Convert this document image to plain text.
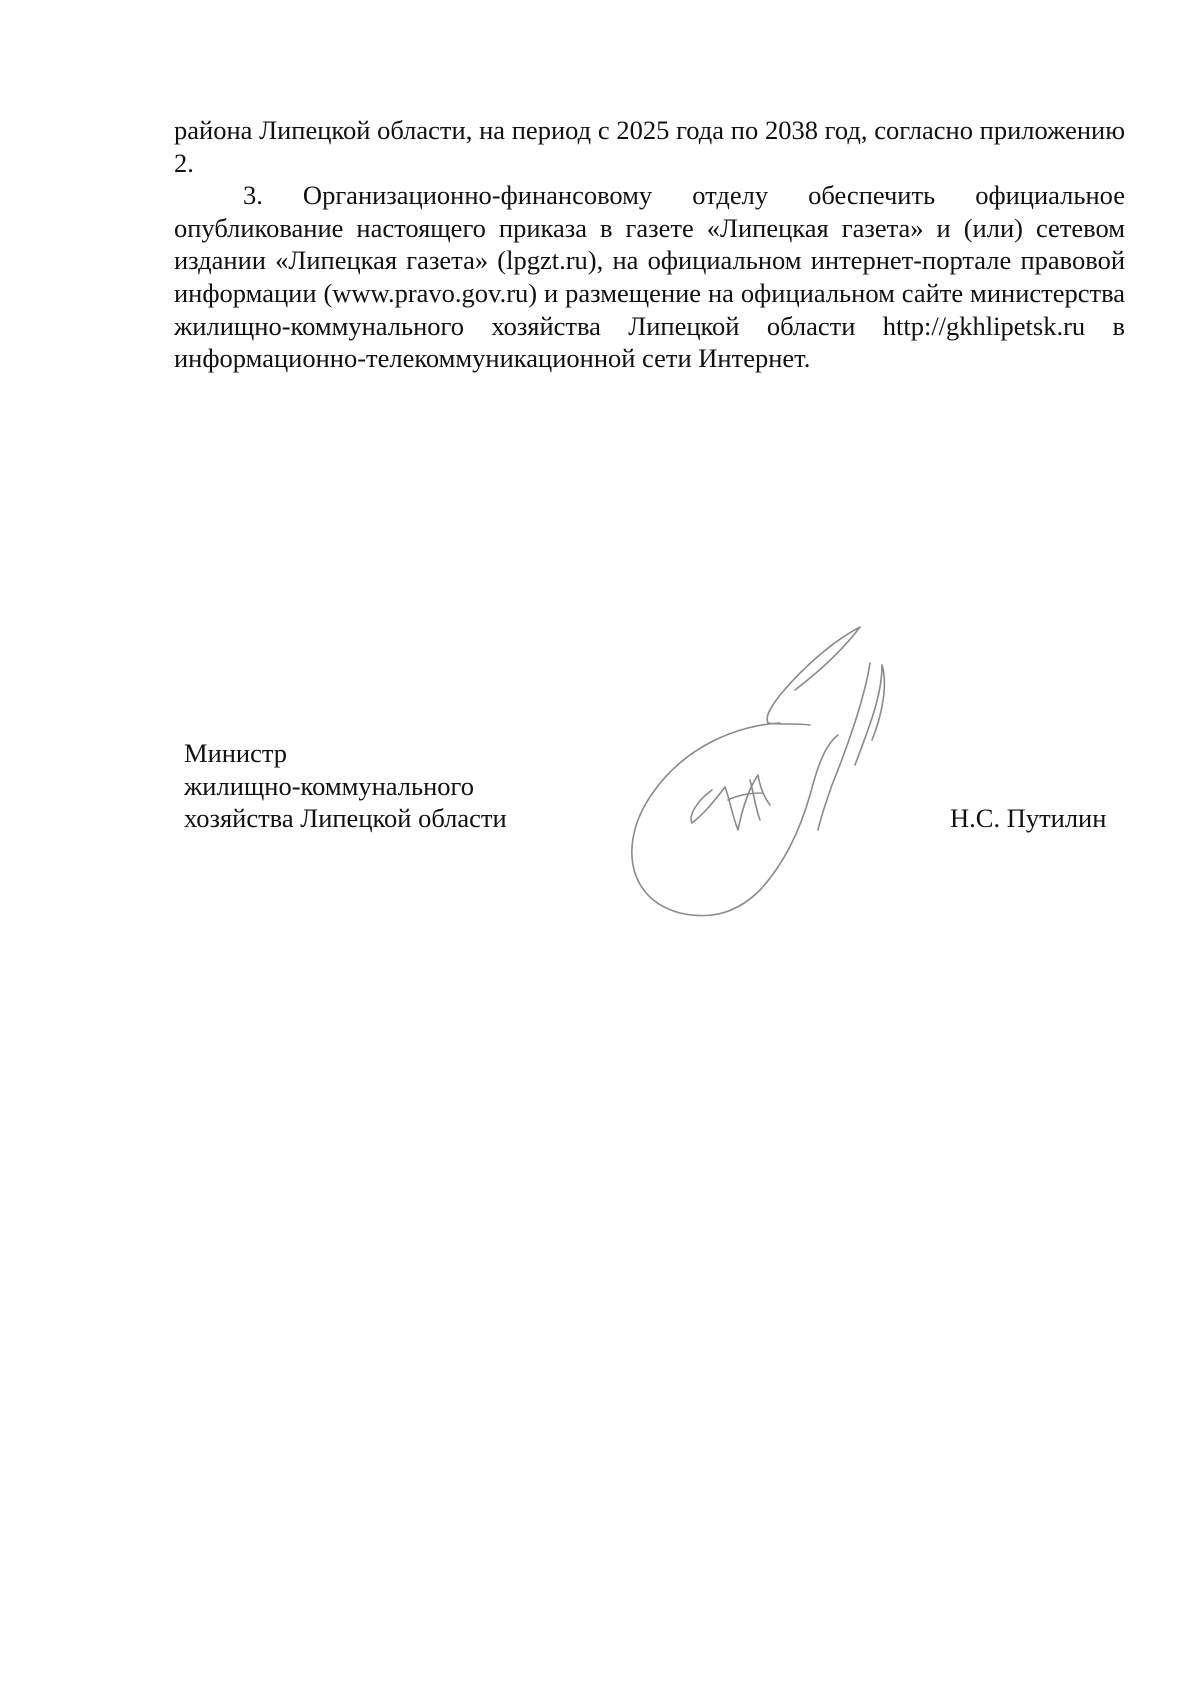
района Липецкой области, на период с 2025 года по 2038 год, согласно приложению 2.

3. Организационно-финансовому отделу обеспечить официальное опубликование настоящего приказа в газете «Липецкая газета» и (или) сетевом издании «Липецкая газета» (lpgzt.ru), на официальном интернет-портале правовой информации (www.pravo.gov.ru) и размещение на официальном сайте министерства жилищно-коммунального хозяйства Липецкой области http://gkhlipetsk.ru в информационно-телекоммуникационной сети Интернет.

Министр
жилищно-коммунального
хозяйства Липецкой области	Н.С. Путилин
